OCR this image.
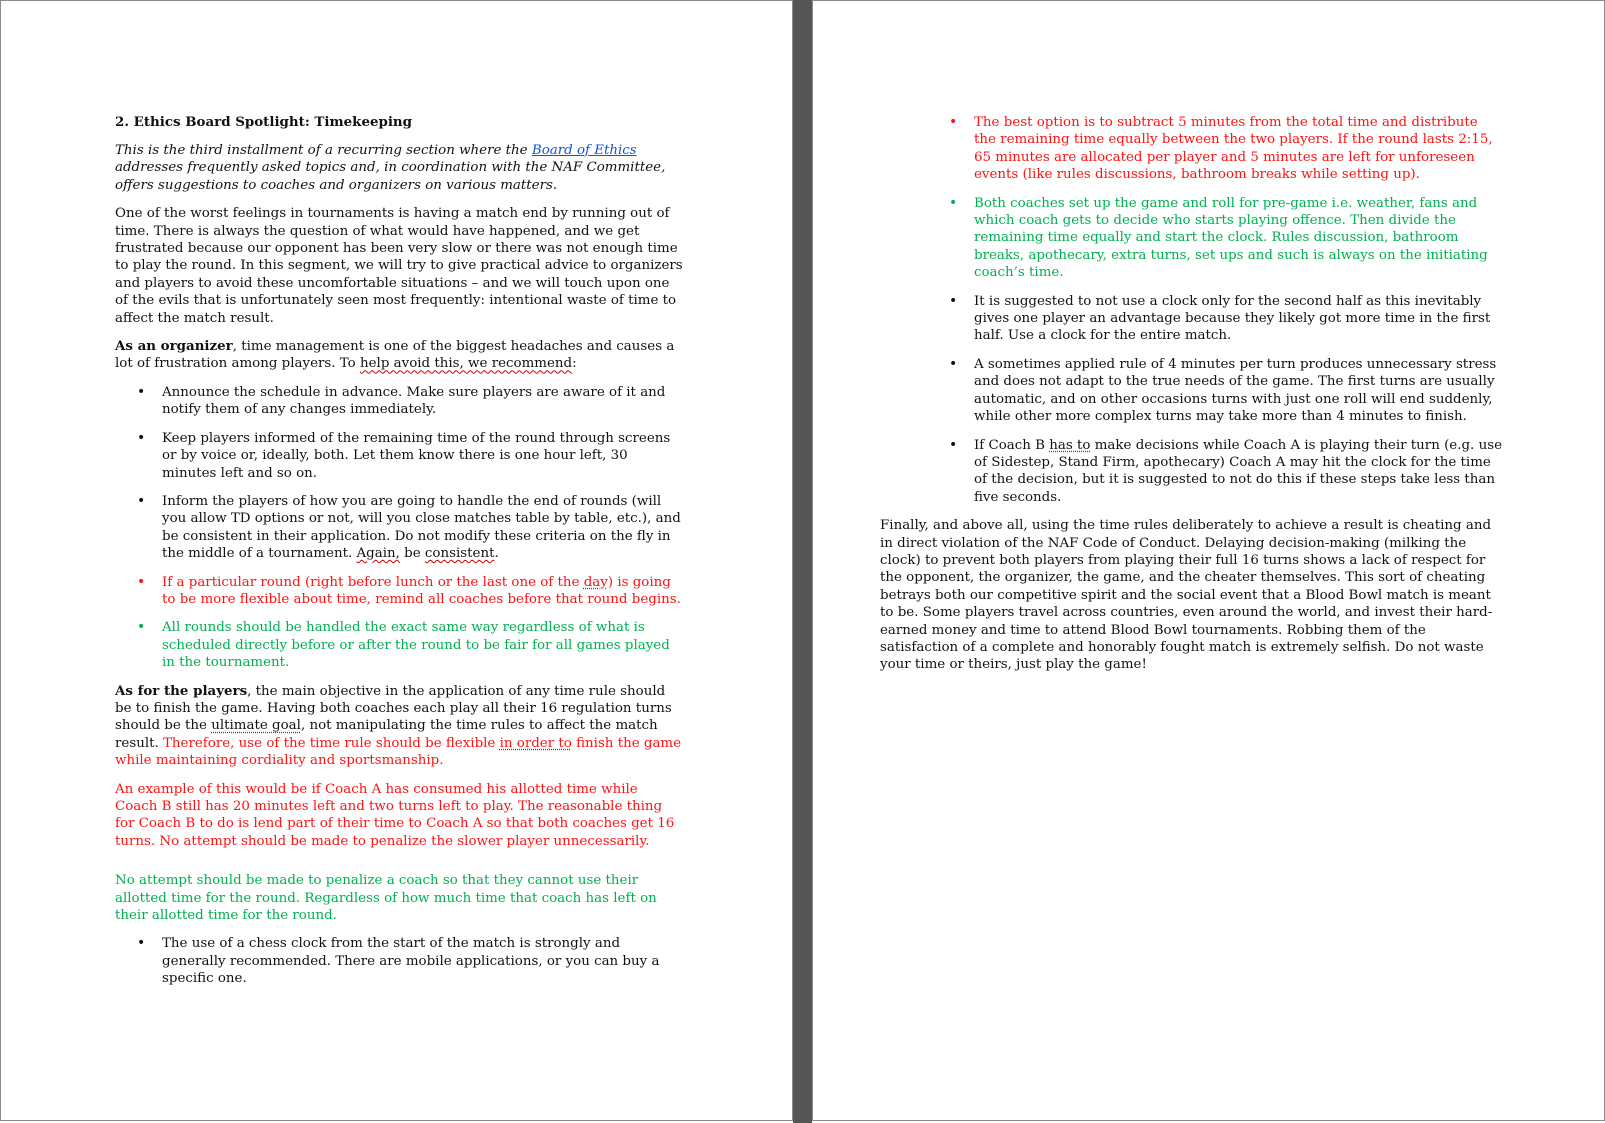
2. Ethics Board Spotlight: Timekeeping

This is the third installment of a recurring section where the Board of Ethics addresses frequently asked topics and, in coordination with the NAF Committee, offers suggestions to coaches and organizers on various matters.

One of the worst feelings in tournaments is having a match end by running out of time. There is always the question of what would have happened, and we get frustrated because our opponent has been very slow or there was not enough time to play the round. In this segment, we will try to give practical advice to organizers and players to avoid these uncomfortable situations – and we will touch upon one of the evils that is unfortunately seen most frequently: intentional waste of time to affect the match result.

As an organizer, time management is one of the biggest headaches and causes a lot of frustration among players. To help avoid this, we recommend:

• Announce the schedule in advance. Make sure players are aware of it and notify them of any changes immediately.
• Keep players informed of the remaining time of the round through screens or by voice or, ideally, both. Let them know there is one hour left, 30 minutes left and so on.
• Inform the players of how you are going to handle the end of rounds (will you allow TD options or not, will you close matches table by table, etc.), and be consistent in their application. Do not modify these criteria on the fly in the middle of a tournament. Again, be consistent.
• If a particular round (right before lunch or the last one of the day) is going to be more flexible about time, remind all coaches before that round begins.
• All rounds should be handled the exact same way regardless of what is scheduled directly before or after the round to be fair for all games played in the tournament.

As for the players, the main objective in the application of any time rule should be to finish the game. Having both coaches each play all their 16 regulation turns should be the ultimate goal, not manipulating the time rules to affect the match result. Therefore, use of the time rule should be flexible in order to finish the game while maintaining cordiality and sportsmanship.

An example of this would be if Coach A has consumed his allotted time while Coach B still has 20 minutes left and two turns left to play. The reasonable thing for Coach B to do is lend part of their time to Coach A so that both coaches get 16 turns. No attempt should be made to penalize the slower player unnecessarily.

No attempt should be made to penalize a coach so that they cannot use their allotted time for the round. Regardless of how much time that coach has left on their allotted time for the round.

• The use of a chess clock from the start of the match is strongly and generally recommended. There are mobile applications, or you can buy a specific one.
• The best option is to subtract 5 minutes from the total time and distribute the remaining time equally between the two players. If the round lasts 2:15, 65 minutes are allocated per player and 5 minutes are left for unforeseen events (like rules discussions, bathroom breaks while setting up).
• Both coaches set up the game and roll for pre-game i.e. weather, fans and which coach gets to decide who starts playing offence. Then divide the remaining time equally and start the clock. Rules discussion, bathroom breaks, apothecary, extra turns, set ups and such is always on the initiating coach’s time.
• It is suggested to not use a clock only for the second half as this inevitably gives one player an advantage because they likely got more time in the first half. Use a clock for the entire match.
• A sometimes applied rule of 4 minutes per turn produces unnecessary stress and does not adapt to the true needs of the game. The first turns are usually automatic, and on other occasions turns with just one roll will end suddenly, while other more complex turns may take more than 4 minutes to finish.
• If Coach B has to make decisions while Coach A is playing their turn (e.g. use of Sidestep, Stand Firm, apothecary) Coach A may hit the clock for the time of the decision, but it is suggested to not do this if these steps take less than five seconds.

Finally, and above all, using the time rules deliberately to achieve a result is cheating and in direct violation of the NAF Code of Conduct. Delaying decision-making (milking the clock) to prevent both players from playing their full 16 turns shows a lack of respect for the opponent, the organizer, the game, and the cheater themselves. This sort of cheating betrays both our competitive spirit and the social event that a Blood Bowl match is meant to be. Some players travel across countries, even around the world, and invest their hard-earned money and time to attend Blood Bowl tournaments. Robbing them of the satisfaction of a complete and honorably fought match is extremely selfish. Do not waste your time or theirs, just play the game!
